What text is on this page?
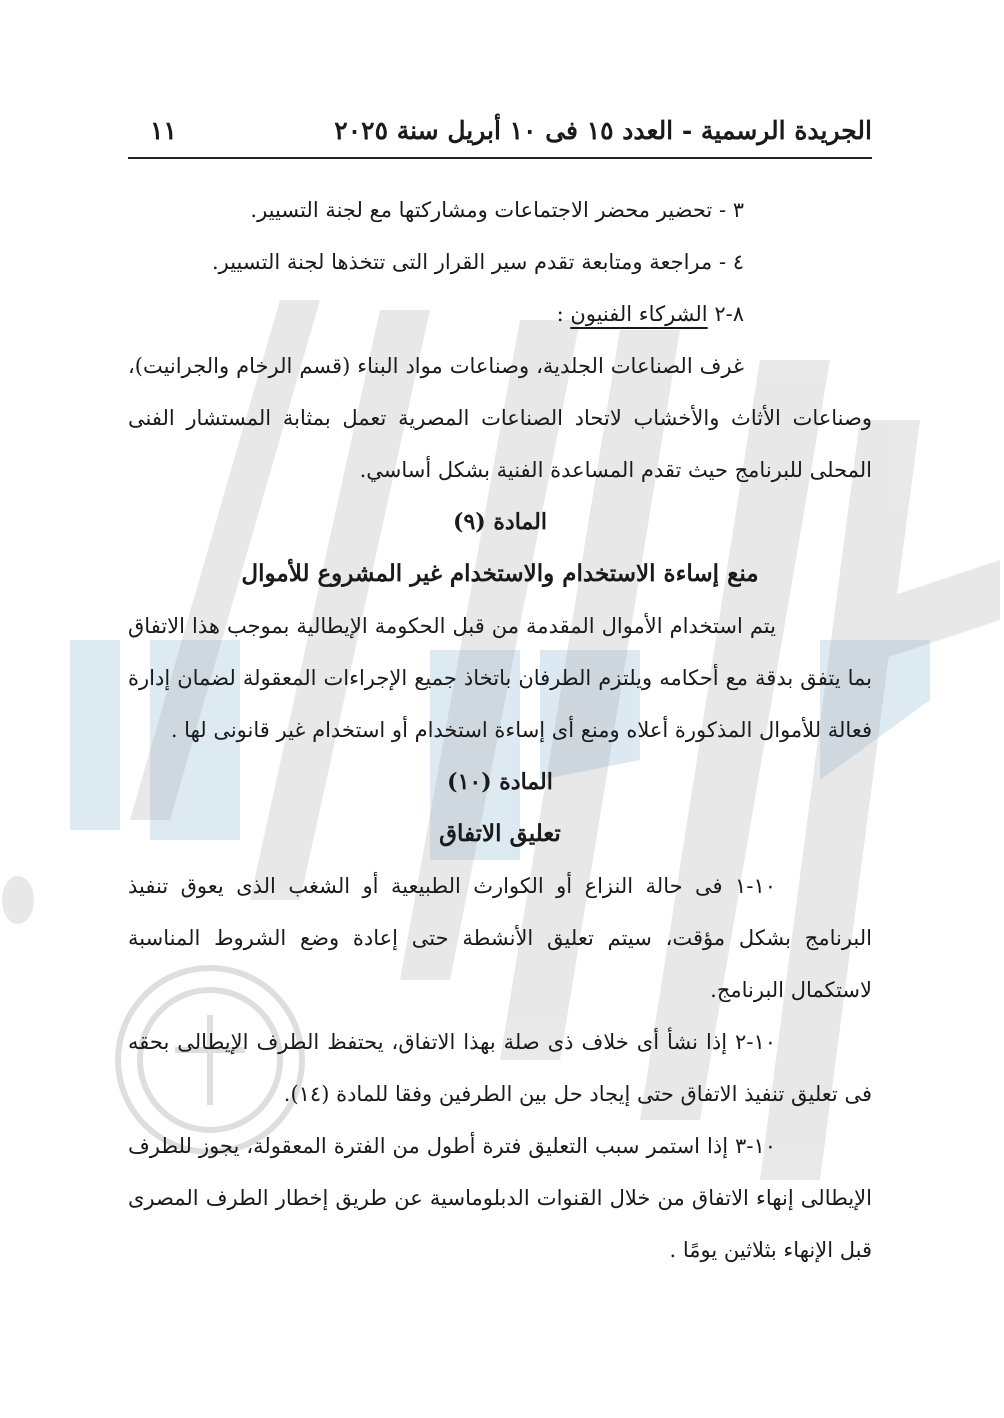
الجريدة الرسمية - العدد ١٥ فى ١٠ أبريل سنة ٢٠٢٥
١١

٣ - تحضير محضر الاجتماعات ومشاركتها مع لجنة التسيير.

٤ - مراجعة ومتابعة تقدم سير القرار التى تتخذها لجنة التسيير.

٨-٢ الشركاء الفنيون :

غرف الصناعات الجلدية، وصناعات مواد البناء (قسم الرخام والجرانيت)، وصناعات الأثاث والأخشاب لاتحاد الصناعات المصرية تعمل بمثابة المستشار الفنى المحلى للبرنامج حيث تقدم المساعدة الفنية بشكل أساسي.

المادة (٩)

منع إساءة الاستخدام والاستخدام غير المشروع للأموال

يتم استخدام الأموال المقدمة من قبل الحكومة الإيطالية بموجب هذا الاتفاق بما يتفق بدقة مع أحكامه ويلتزم الطرفان باتخاذ جميع الإجراءات المعقولة لضمان إدارة فعالة للأموال المذكورة أعلاه ومنع أى إساءة استخدام أو استخدام غير قانونى لها .

المادة (١٠)

تعليق الاتفاق

١٠-١ فى حالة النزاع أو الكوارث الطبيعية أو الشغب الذى يعوق تنفيذ البرنامج بشكل مؤقت، سيتم تعليق الأنشطة حتى إعادة وضع الشروط المناسبة لاستكمال البرنامج.

١٠-٢ إذا نشأ أى خلاف ذى صلة بهذا الاتفاق، يحتفظ الطرف الإيطالى بحقه فى تعليق تنفيذ الاتفاق حتى إيجاد حل بين الطرفين وفقا للمادة (١٤).

١٠-٣ إذا استمر سبب التعليق فترة أطول من الفترة المعقولة، يجوز للطرف الإيطالى إنهاء الاتفاق من خلال القنوات الدبلوماسية عن طريق إخطار الطرف المصرى قبل الإنهاء بثلاثين يومًا .
